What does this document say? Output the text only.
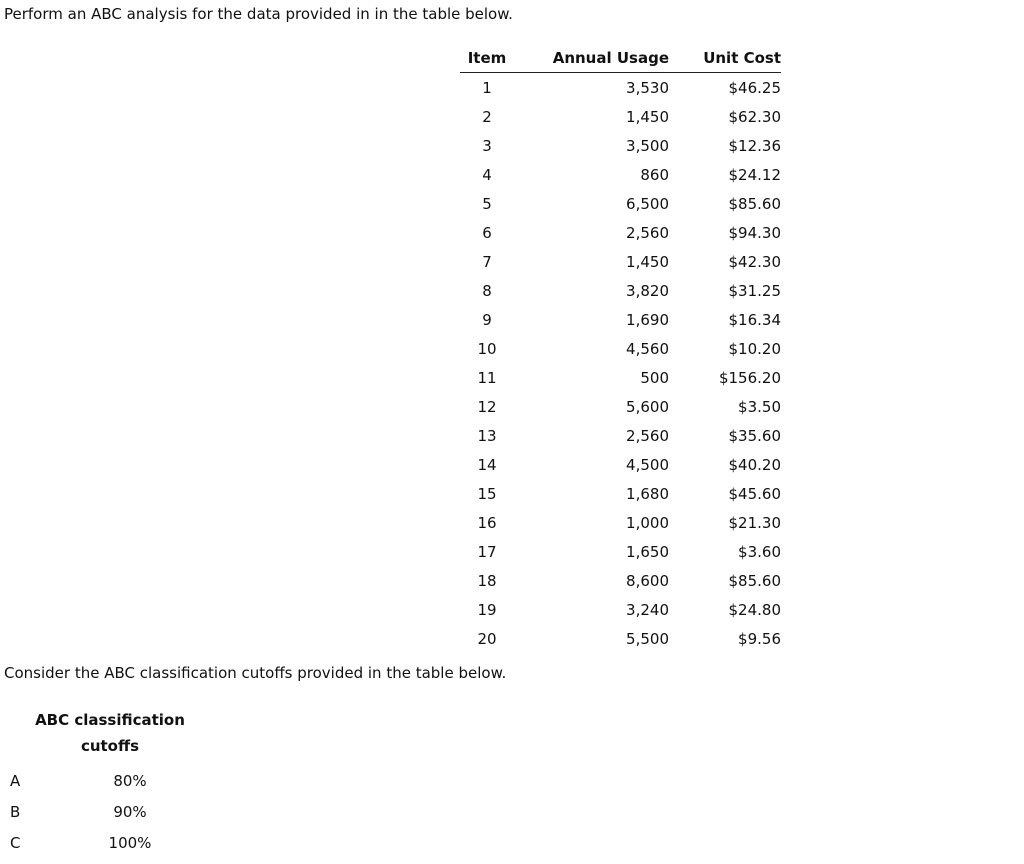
Perform an ABC analysis for the data provided in in the table below.
Item	Annual Usage	Unit Cost
1	3,530	$46.25
2	1,450	$62.30
3	3,500	$12.36
4	860	$24.12
5	6,500	$85.60
6	2,560	$94.30
7	1,450	$42.30
8	3,820	$31.25
9	1,690	$16.34
10	4,560	$10.20
11	500	$156.20
12	5,600	$3.50
13	2,560	$35.60
14	4,500	$40.20
15	1,680	$45.60
16	1,000	$21.30
17	1,650	$3.60
18	8,600	$85.60
19	3,240	$24.80
20	5,500	$9.56
Consider the ABC classification cutoffs provided in the table below.
ABC classification
cutoffs	
A	80%
B	90%
C	100%
